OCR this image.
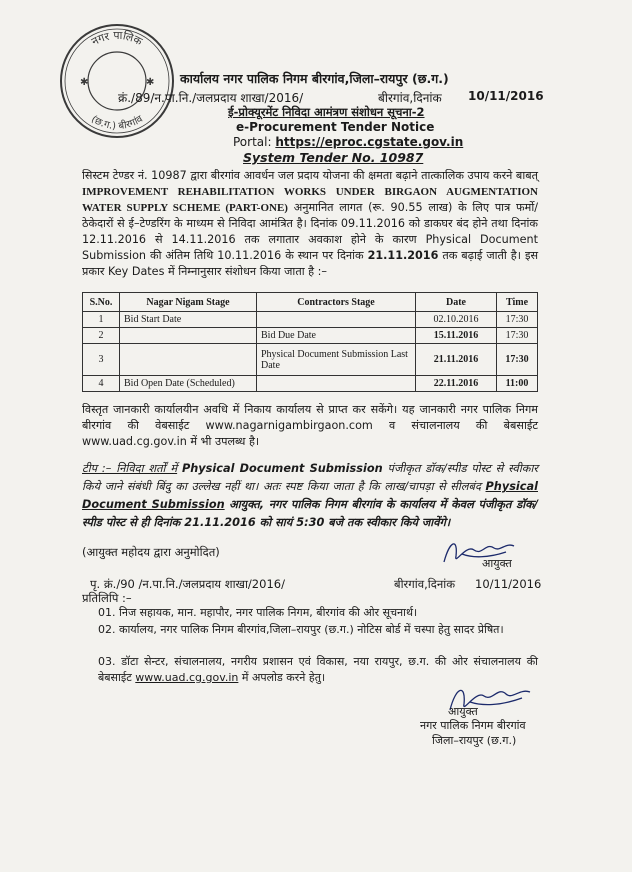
नगर पालिक
(छ.ग.) बीरगांव
✱	✱ कार्यालय नगर पालिक निगम बीरगांव,जिला–रायपुर (छ.ग.)
क्रं./89/न.पा.नि./जलप्रदाय शाखा/2016/	बीरगांव,दिनांक 10/11/2016
ई-प्रोक्यूरमेंट निविदा आमंत्रण संशोधन सूचना-2
e-Procurement Tender Notice
Portal: https://eproc.cgstate.gov.in
System Tender No. 10987
सिस्टम टेण्डर नं. 10987 द्वारा बीरगांव आवर्धन जल प्रदाय योजना की क्षमता बढ़ाने तात्कालिक उपाय करने बाबत् IMPROVEMENT REHABILITATION WORKS UNDER BIRGAON AUGMENTATION WATER SUPPLY SCHEME (PART-ONE) अनुमानित लागत (रू. 90.55 लाख) के लिए पात्र फर्मो/ठेकेदारों से ई–टेण्डरिंग के माध्यम से निविदा आमंत्रित है। दिनांक 09.11.2016 को डाकघर बंद होने तथा दिनांक 12.11.2016 से 14.11.2016 तक लगातार अवकाश होने के कारण Physical Document Submission की अंतिम तिथि 10.11.2016 के स्थान पर दिनांक 21.11.2016 तक बढ़ाई जाती है। इस प्रकार Key Dates में निम्नानुसार संशोधन किया जाता है :–
S.No.	Nagar Nigam Stage	Contractors Stage	Date	Time
1	Bid Start Date		02.10.2016	17:30
2		Bid Due Date	15.11.2016	17:30
3		Physical Document Submission Last Date	21.11.2016	17:30
4	Bid Open Date (Scheduled)		22.11.2016	11:00
विस्तृत जानकारी कार्यालयीन अवधि में निकाय कार्यालय से प्राप्त कर सकेंगे। यह जानकारी नगर पालिक निगम बीरगांव की वेबसाईट www.nagarnigambirgaon.com व संचालनालय की बेबसाईट www.uad.cg.gov.in में भी उपलब्ध है।
टीप :– निविदा शर्तों में Physical Document Submission पंजीकृत डॉक/स्पीड पोस्ट से स्वीकार किये जाने संबंधी बिंदु का उल्लेख नहीं था। अतः स्पष्ट किया जाता है कि लाख/चापड़ा से सीलबंद Physical Document Submission आयुक्त, नगर पालिक निगम बीरगांव के कार्यालय में केवल पंजीकृत डॉक/स्पीड पोस्ट से ही दिनांक 21.11.2016 को सायं 5:30 बजे तक स्वीकार किये जावेंगे।
(आयुक्त महोदय द्वारा अनुमोदित)
आयुक्त
पृ. क्रं./90 /न.पा.नि./जलप्रदाय शाखा/2016/	बीरगांव,दिनांक 10/11/2016
प्रतिलिपि :–
01. निज सहायक, मान. महापौर, नगर पालिक निगम, बीरगांव की ओर सूचनार्थ।
02. कार्यालय, नगर पालिक निगम बीरगांव,जिला–रायपुर (छ.ग.) नोटिस बोर्ड में चस्पा हेतु सादर प्रेषित।
03. डॉटा सेन्टर, संचालनालय, नगरीय प्रशासन एवं विकास, नया रायपुर, छ.ग. की ओर संचालनालय की बेबसाईट www.uad.cg.gov.in में अपलोड करने हेतु।
आयुक्त
नगर पालिक निगम बीरगांव
जिला–रायपुर (छ.ग.)
